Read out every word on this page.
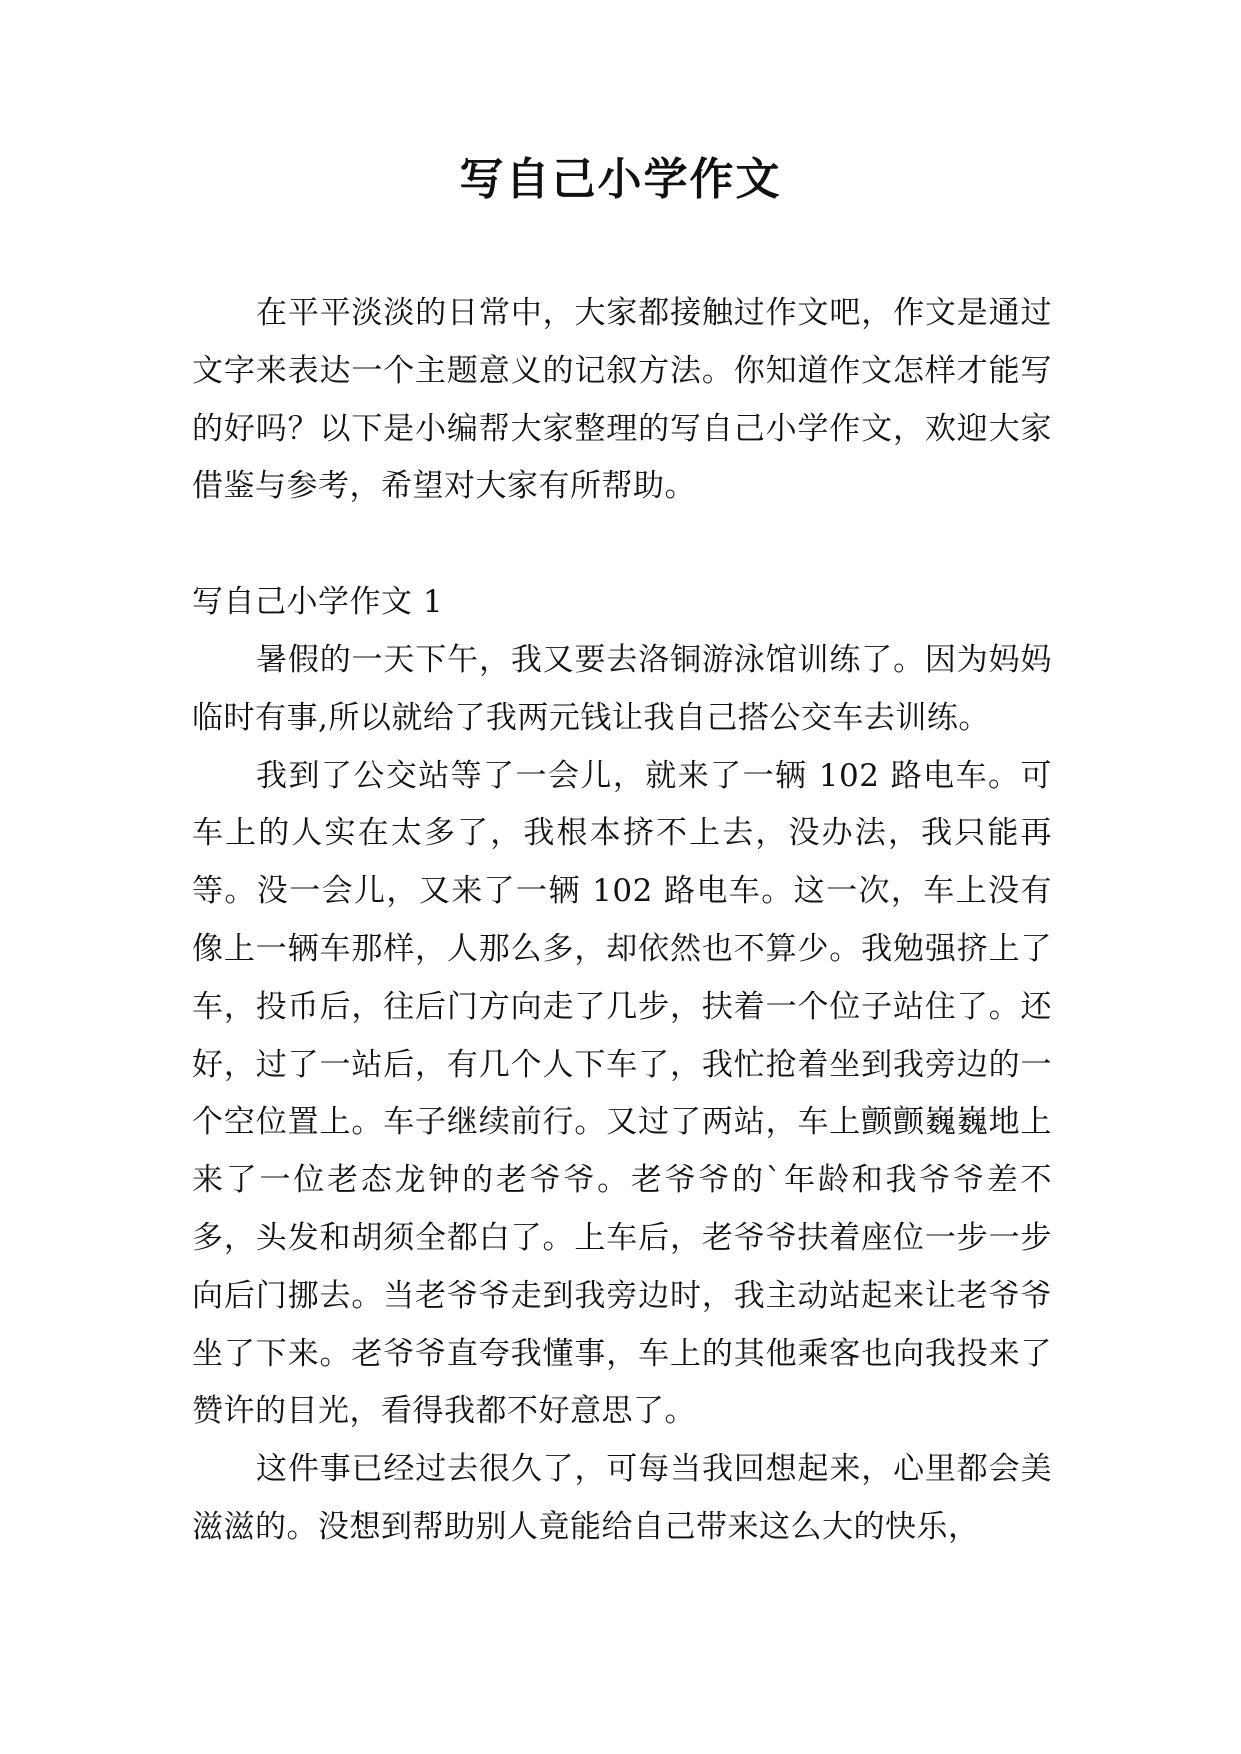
写自己小学作文

在平平淡淡的日常中，大家都接触过作文吧，作文是通过文字来表达一个主题意义的记叙方法。你知道作文怎样才能写的好吗？以下是小编帮大家整理的写自己小学作文，欢迎大家借鉴与参考，希望对大家有所帮助。

写自己小学作文 1

暑假的一天下午，我又要去洛铜游泳馆训练了。因为妈妈临时有事,所以就给了我两元钱让我自己搭公交车去训练。

我到了公交站等了一会儿，就来了一辆 102 路电车。可车上的人实在太多了，我根本挤不上去，没办法，我只能再等。没一会儿，又来了一辆 102 路电车。这一次，车上没有像上一辆车那样，人那么多，却依然也不算少。我勉强挤上了车，投币后，往后门方向走了几步，扶着一个位子站住了。还好，过了一站后，有几个人下车了，我忙抢着坐到我旁边的一个空位置上。车子继续前行。又过了两站，车上颤颤巍巍地上来了一位老态龙钟的老爷爷。老爷爷的`年龄和我爷爷差不多，头发和胡须全都白了。上车后，老爷爷扶着座位一步一步向后门挪去。当老爷爷走到我旁边时，我主动站起来让老爷爷坐了下来。老爷爷直夸我懂事，车上的其他乘客也向我投来了赞许的目光，看得我都不好意思了。

这件事已经过去很久了，可每当我回想起来，心里都会美滋滋的。没想到帮助别人竟能给自己带来这么大的快乐，
